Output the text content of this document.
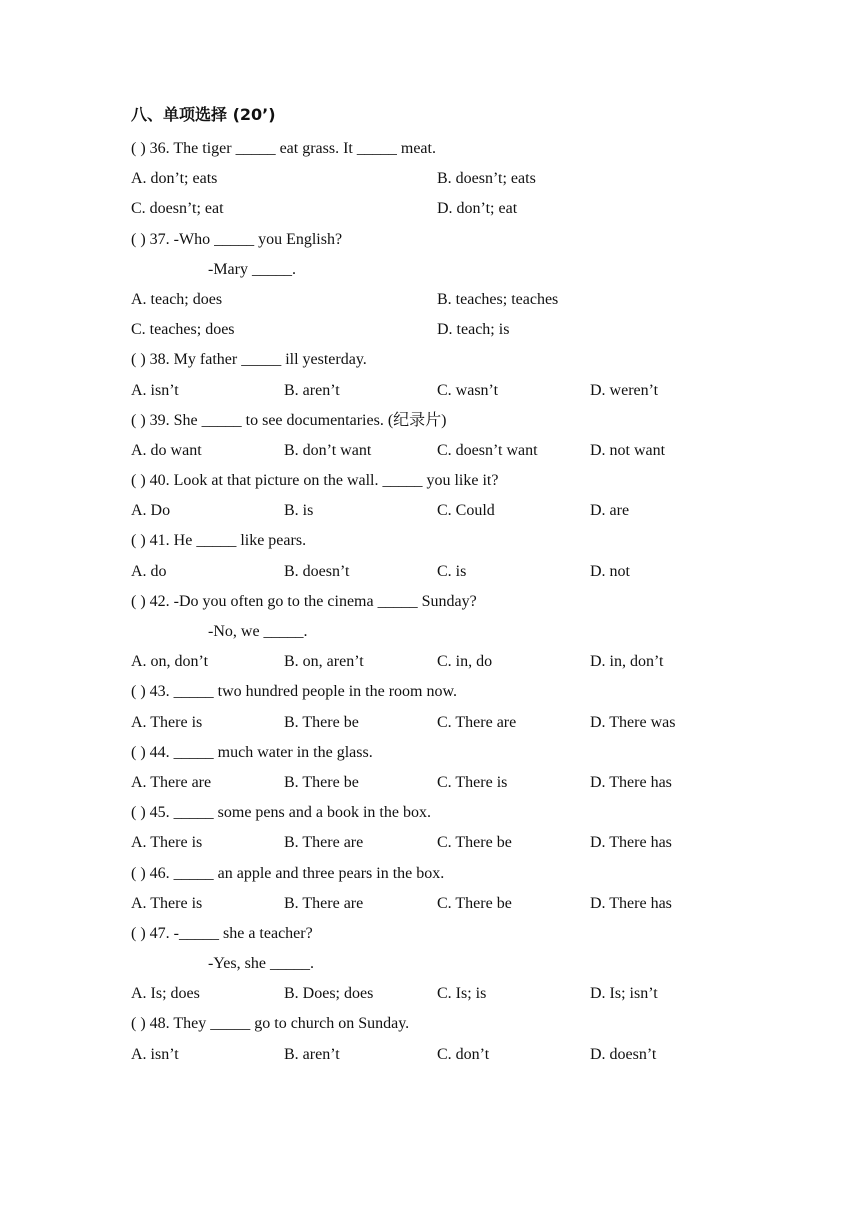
八、单项选择 (20’)
( ) 36. The tiger _____ eat grass. It _____ meat.
A. don’t; eats	B. doesn’t; eats
C. doesn’t; eat	D. don’t; eat
( ) 37. -Who _____ you English?
-Mary _____.
A. teach; does	B. teaches; teaches
C. teaches; does	D. teach; is
( ) 38. My father _____ ill yesterday.
A. isn’t	B. aren’t	C. wasn’t	D. weren’t
( ) 39. She _____ to see documentaries. (纪录片)
A. do want	B. don’t want	C. doesn’t want	D. not want
( ) 40. Look at that picture on the wall. _____ you like it?
A. Do	B. is	C. Could	D. are
( ) 41. He _____ like pears.
A. do	B. doesn’t	C. is	D. not
( ) 42. -Do you often go to the cinema _____ Sunday?
-No, we _____.
A. on, don’t	B. on, aren’t	C. in, do	D. in, don’t
( ) 43. _____ two hundred people in the room now.
A. There is	B. There be	C. There are	D. There was
( ) 44. _____ much water in the glass.
A. There are	B. There be	C. There is	D. There has
( ) 45. _____ some pens and a book in the box.
A. There is	B. There are	C. There be	D. There has
( ) 46. _____ an apple and three pears in the box.
A. There is	B. There are	C. There be	D. There has
( ) 47. -_____ she a teacher?
-Yes, she _____.
A. Is; does	B. Does; does	C. Is; is	D. Is; isn’t
( ) 48. They _____ go to church on Sunday.
A. isn’t	B. aren’t	C. don’t	D. doesn’t
